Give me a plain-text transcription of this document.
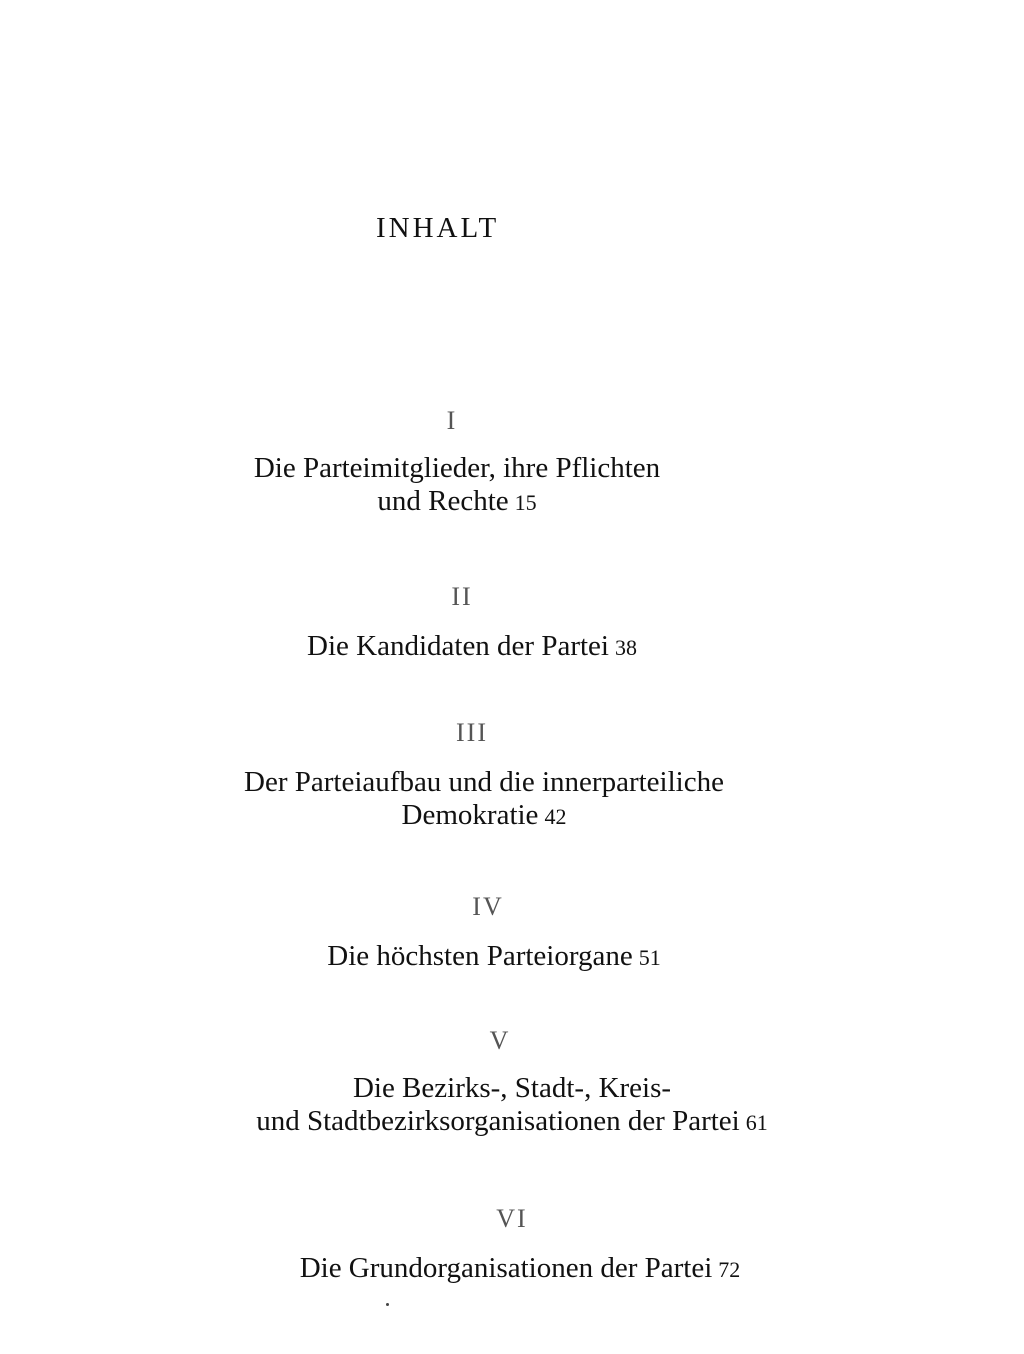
INHALT
I
Die Parteimitglieder, ihre Pflichten
und Rechte 15
II
Die Kandidaten der Partei 38
III
Der Parteiaufbau und die innerparteiliche
Demokratie 42
IV
Die höchsten Parteiorgane 51
V
Die Bezirks-, Stadt-, Kreis-
und Stadtbezirksorganisationen der Partei 61
VI
Die Grundorganisationen der Partei 72
